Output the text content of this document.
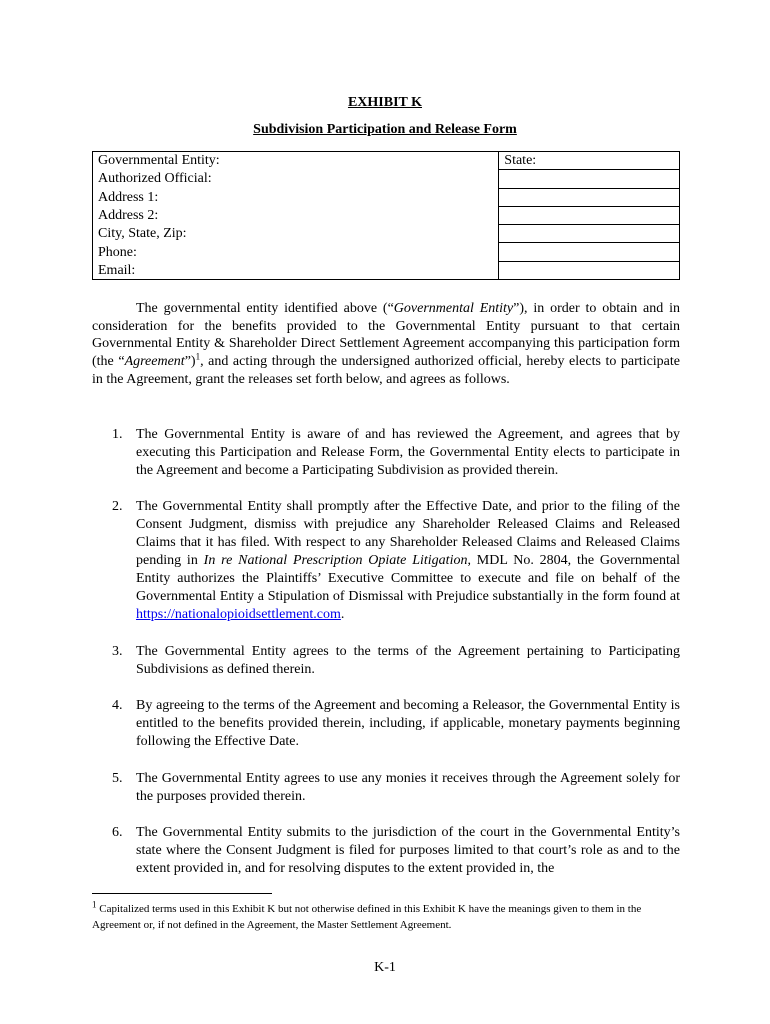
EXHIBIT K
Subdivision Participation and Release Form
Governmental Entity:	State:
Authorized Official:	
Address 1:	
Address 2:	
City, State, Zip:	
Phone:	
Email:	

The governmental entity identified above (“Governmental Entity”), in order to obtain and in consideration for the benefits provided to the Governmental Entity pursuant to that certain Governmental Entity & Shareholder Direct Settlement Agreement accompanying this participation form (the “Agreement”)$^1$, and acting through the undersigned authorized official, hereby elects to participate in the Agreement, grant the releases set forth below, and agrees as follows.

1. The Governmental Entity is aware of and has reviewed the Agreement, and agrees that by executing this Participation and Release Form, the Governmental Entity elects to participate in the Agreement and become a Participating Subdivision as provided therein.
2. The Governmental Entity shall promptly after the Effective Date, and prior to the filing of the Consent Judgment, dismiss with prejudice any Shareholder Released Claims and Released Claims that it has filed. With respect to any Shareholder Released Claims and Released Claims pending in In re National Prescription Opiate Litigation, MDL No. 2804, the Governmental Entity authorizes the Plaintiffs’ Executive Committee to execute and file on behalf of the Governmental Entity a Stipulation of Dismissal with Prejudice substantially in the form found at https://nationalopioidsettlement.com.
3. The Governmental Entity agrees to the terms of the Agreement pertaining to Participating Subdivisions as defined therein.
4. By agreeing to the terms of the Agreement and becoming a Releasor, the Governmental Entity is entitled to the benefits provided therein, including, if applicable, monetary payments beginning following the Effective Date.
5. The Governmental Entity agrees to use any monies it receives through the Agreement solely for the purposes provided therein.
6. The Governmental Entity submits to the jurisdiction of the court in the Governmental Entity’s state where the Consent Judgment is filed for purposes limited to that court’s role as and to the extent provided in, and for resolving disputes to the extent provided in, the
$^1$ Capitalized terms used in this Exhibit K but not otherwise defined in this Exhibit K have the meanings given to them in the Agreement or, if not defined in the Agreement, the Master Settlement Agreement.
K-1
